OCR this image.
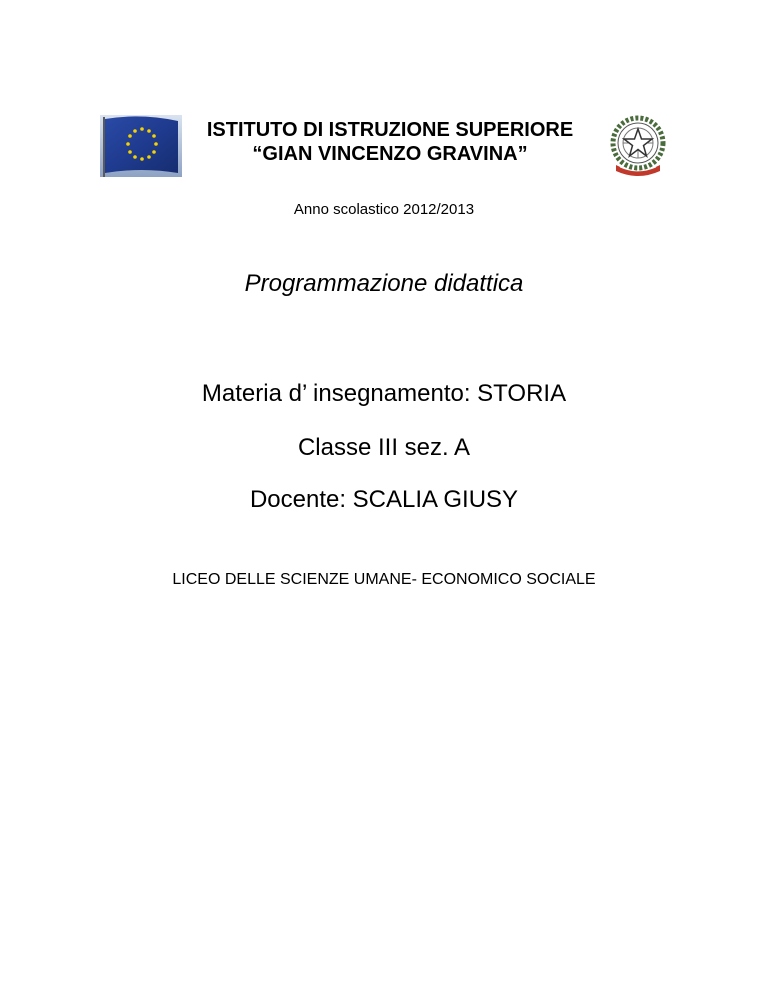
ISTITUTO DI ISTRUZIONE SUPERIORE
“GIAN VINCENZO GRAVINA”
Anno scolastico 2012/2013
Programmazione didattica
Materia d’ insegnamento: STORIA
Classe III sez. A
Docente: SCALIA GIUSY
LICEO DELLE SCIENZE UMANE- ECONOMICO SOCIALE
